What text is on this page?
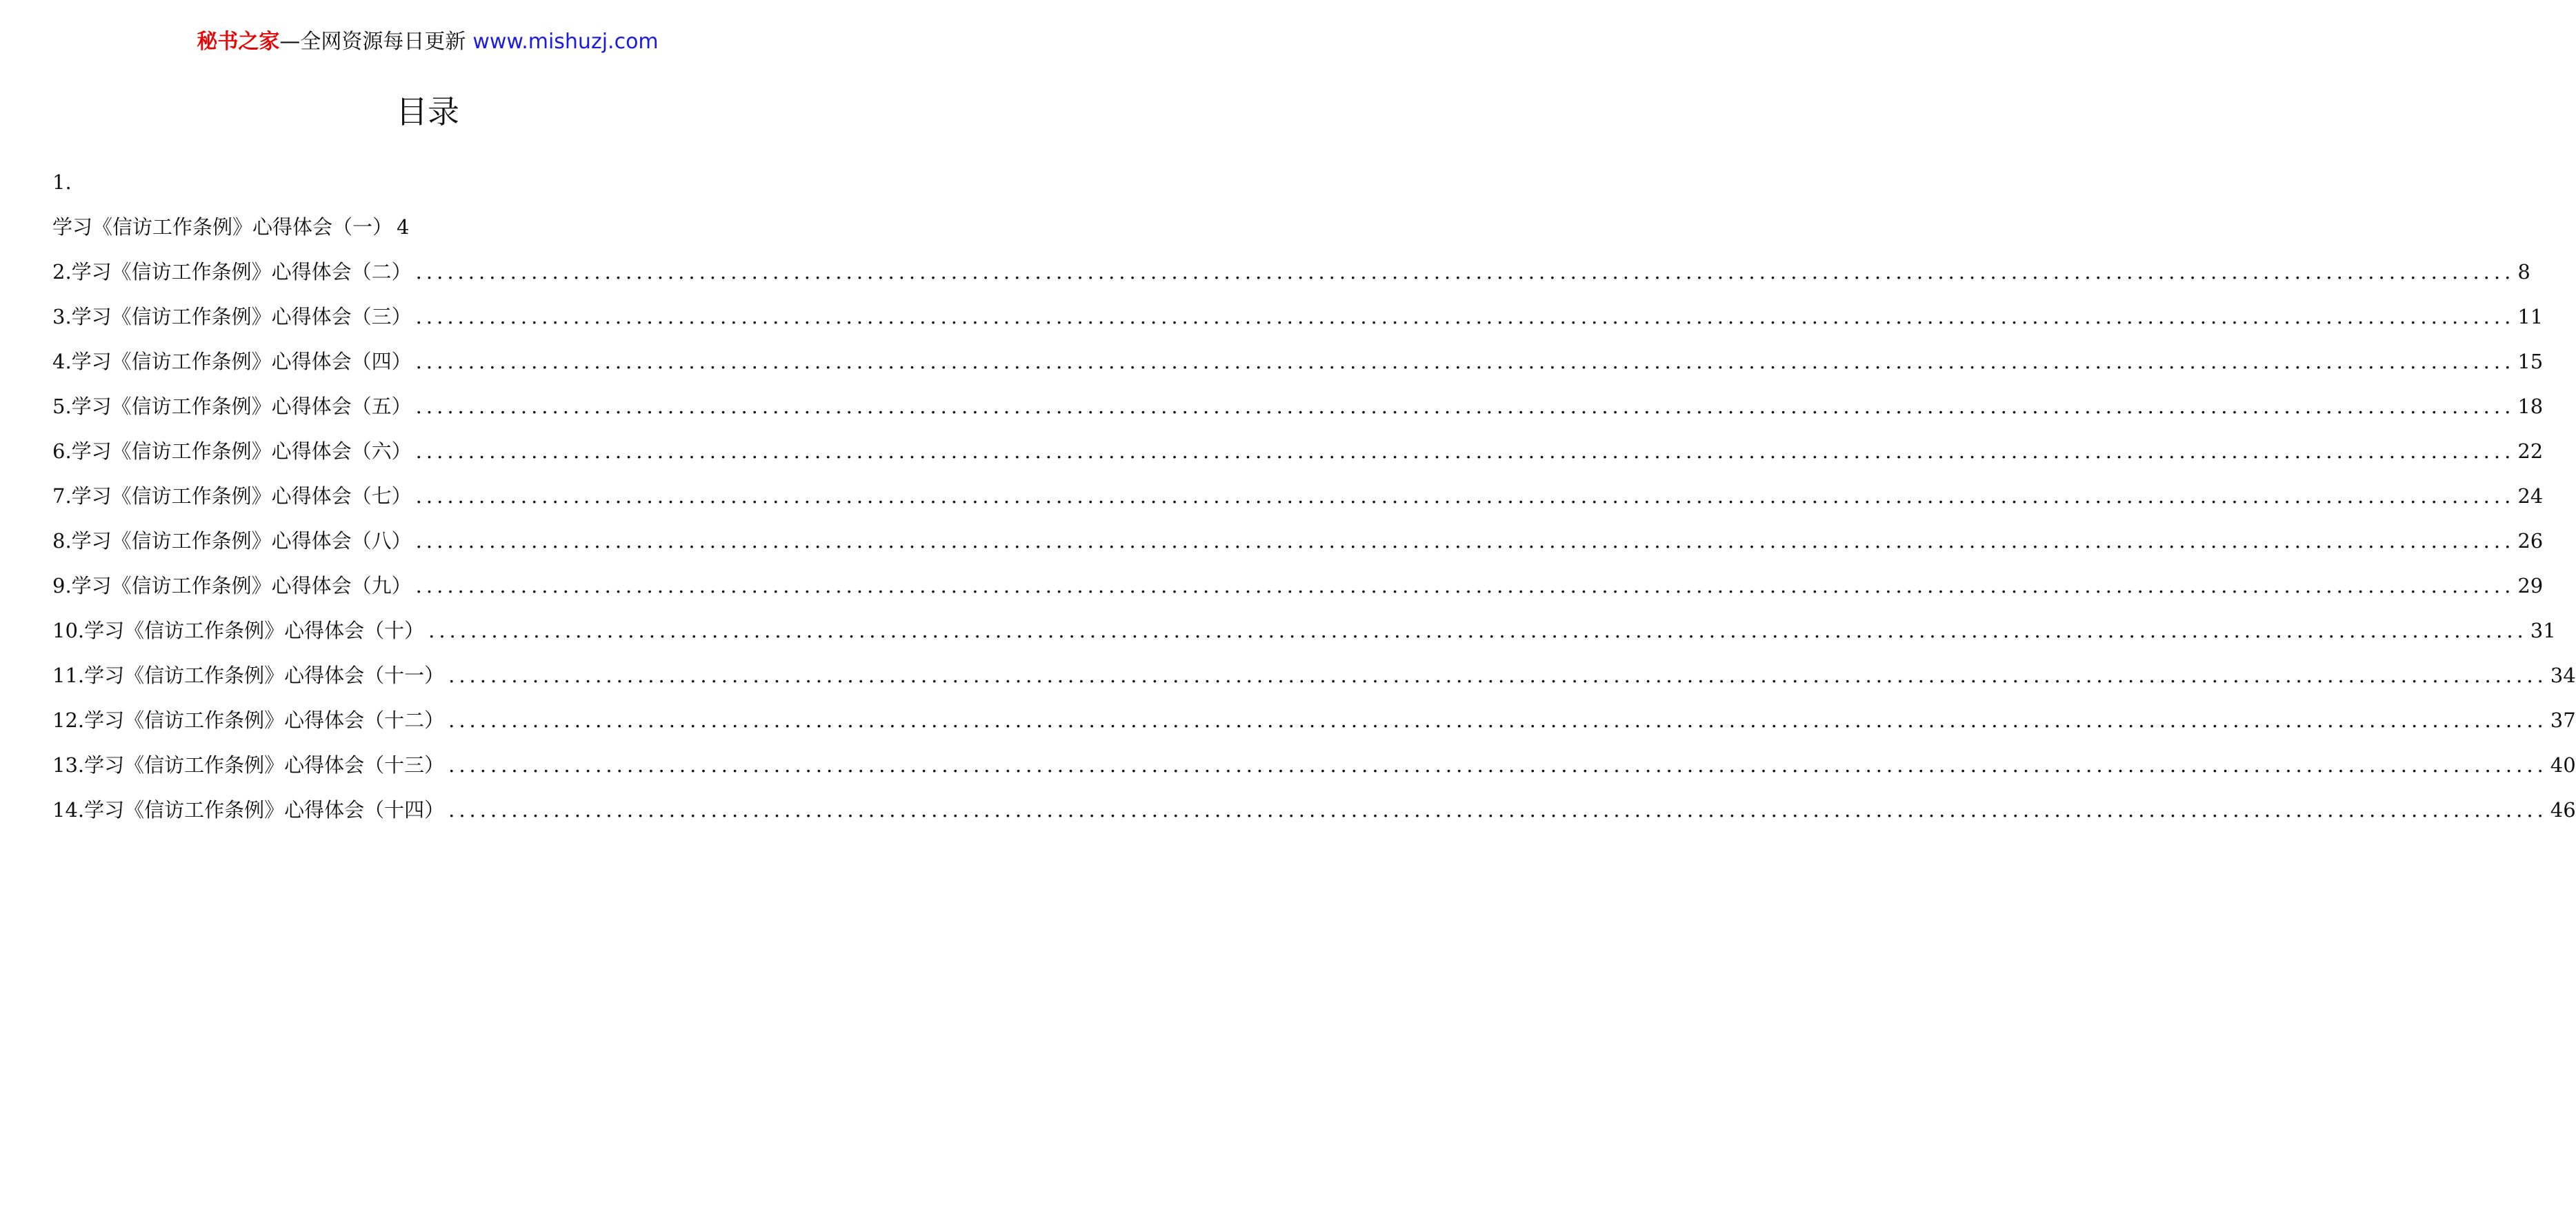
秘书之家—全网资源每日更新 www.mishuzj.com
目录
1.
学习《信访工作条例》心得体会（一） 4
2.学习《信访工作条例》心得体会（二） ........................................................................................................................................................................................................ 8
3.学习《信访工作条例》心得体会（三） ........................................................................................................................................................................................................ 11
4.学习《信访工作条例》心得体会（四） ........................................................................................................................................................................................................ 15
5.学习《信访工作条例》心得体会（五） ........................................................................................................................................................................................................ 18
6.学习《信访工作条例》心得体会（六） ........................................................................................................................................................................................................ 22
7.学习《信访工作条例》心得体会（七） ........................................................................................................................................................................................................ 24
8.学习《信访工作条例》心得体会（八） ........................................................................................................................................................................................................ 26
9.学习《信访工作条例》心得体会（九） ........................................................................................................................................................................................................ 29
10.学习《信访工作条例》心得体会（十） ........................................................................................................................................................................................................ 31
11.学习《信访工作条例》心得体会（十一） ........................................................................................................................................................................................................ 34
12.学习《信访工作条例》心得体会（十二） ........................................................................................................................................................................................................ 37
13.学习《信访工作条例》心得体会（十三） ........................................................................................................................................................................................................ 40
14.学习《信访工作条例》心得体会（十四） ........................................................................................................................................................................................................ 46
